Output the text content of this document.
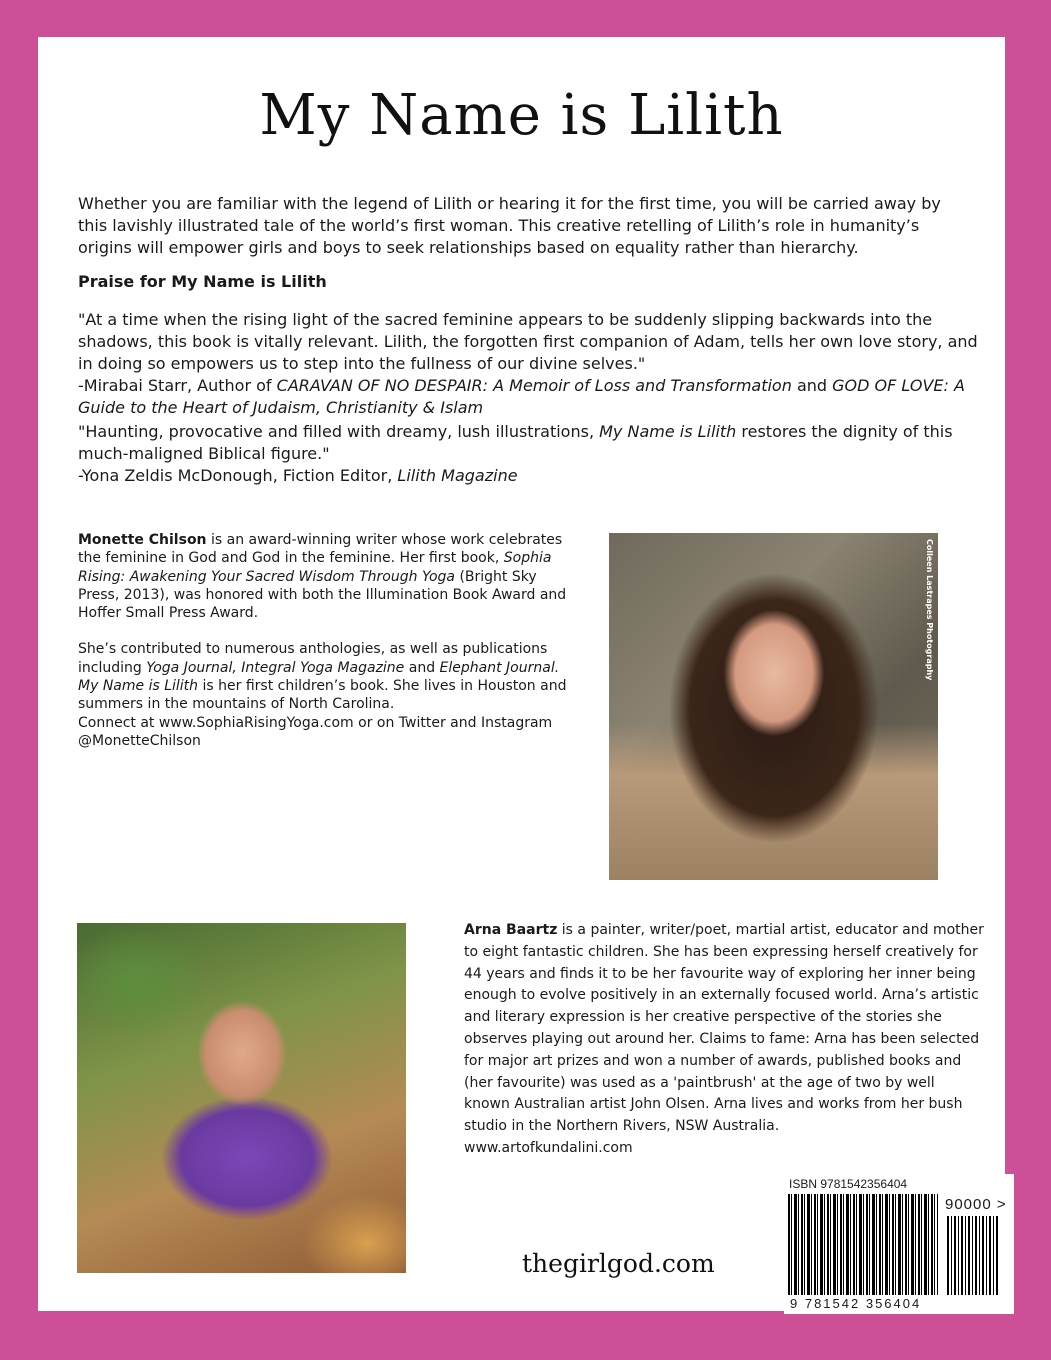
My Name is Lilith

Whether you are familiar with the legend of Lilith or hearing it for the first time, you will be carried away by this lavishly illustrated tale of the world’s first woman. This creative retelling of Lilith’s role in humanity’s origins will empower girls and boys to seek relationships based on equality rather than hierarchy.

Praise for My Name is Lilith

"At a time when the rising light of the sacred feminine appears to be suddenly slipping backwards into the shadows, this book is vitally relevant. Lilith, the forgotten first companion of Adam, tells her own love story, and in doing so empowers us to step into the fullness of our divine selves."
-Mirabai Starr, Author of CARAVAN OF NO DESPAIR: A Memoir of Loss and Transformation and GOD OF LOVE: A Guide to the Heart of Judaism, Christianity & Islam

"Haunting, provocative and filled with dreamy, lush illustrations, My Name is Lilith restores the dignity of this much-maligned Biblical figure."
-Yona Zeldis McDonough, Fiction Editor, Lilith Magazine

Monette Chilson is an award-winning writer whose work celebrates the feminine in God and God in the feminine. Her first book, Sophia Rising: Awakening Your Sacred Wisdom Through Yoga (Bright Sky Press, 2013), was honored with both the Illumination Book Award and Hoffer Small Press Award.

She’s contributed to numerous anthologies, as well as publications including Yoga Journal, Integral Yoga Magazine and Elephant Journal.
My Name is Lilith is her first children’s book. She lives in Houston and summers in the mountains of North Carolina.
Connect at www.SophiaRisingYoga.com or on Twitter and Instagram @MonetteChilson

Colleen Lastrapes Photography

Arna Baartz is a painter, writer/poet, martial artist, educator and mother to eight fantastic children. She has been expressing herself creatively for 44 years and finds it to be her favourite way of exploring her inner being enough to evolve positively in an externally focused world. Arna’s artistic and literary expression is her creative perspective of the stories she observes playing out around her. Claims to fame: Arna has been selected for major art prizes and won a number of awards, published books and (her favourite) was used as a 'paintbrush' at the age of two by well known Australian artist John Olsen. Arna lives and works from her bush studio in the Northern Rivers, NSW Australia.
www.artofkundalini.com

thegirlgod.com

ISBN 9781542356404
9 781542 356404
90000 >
